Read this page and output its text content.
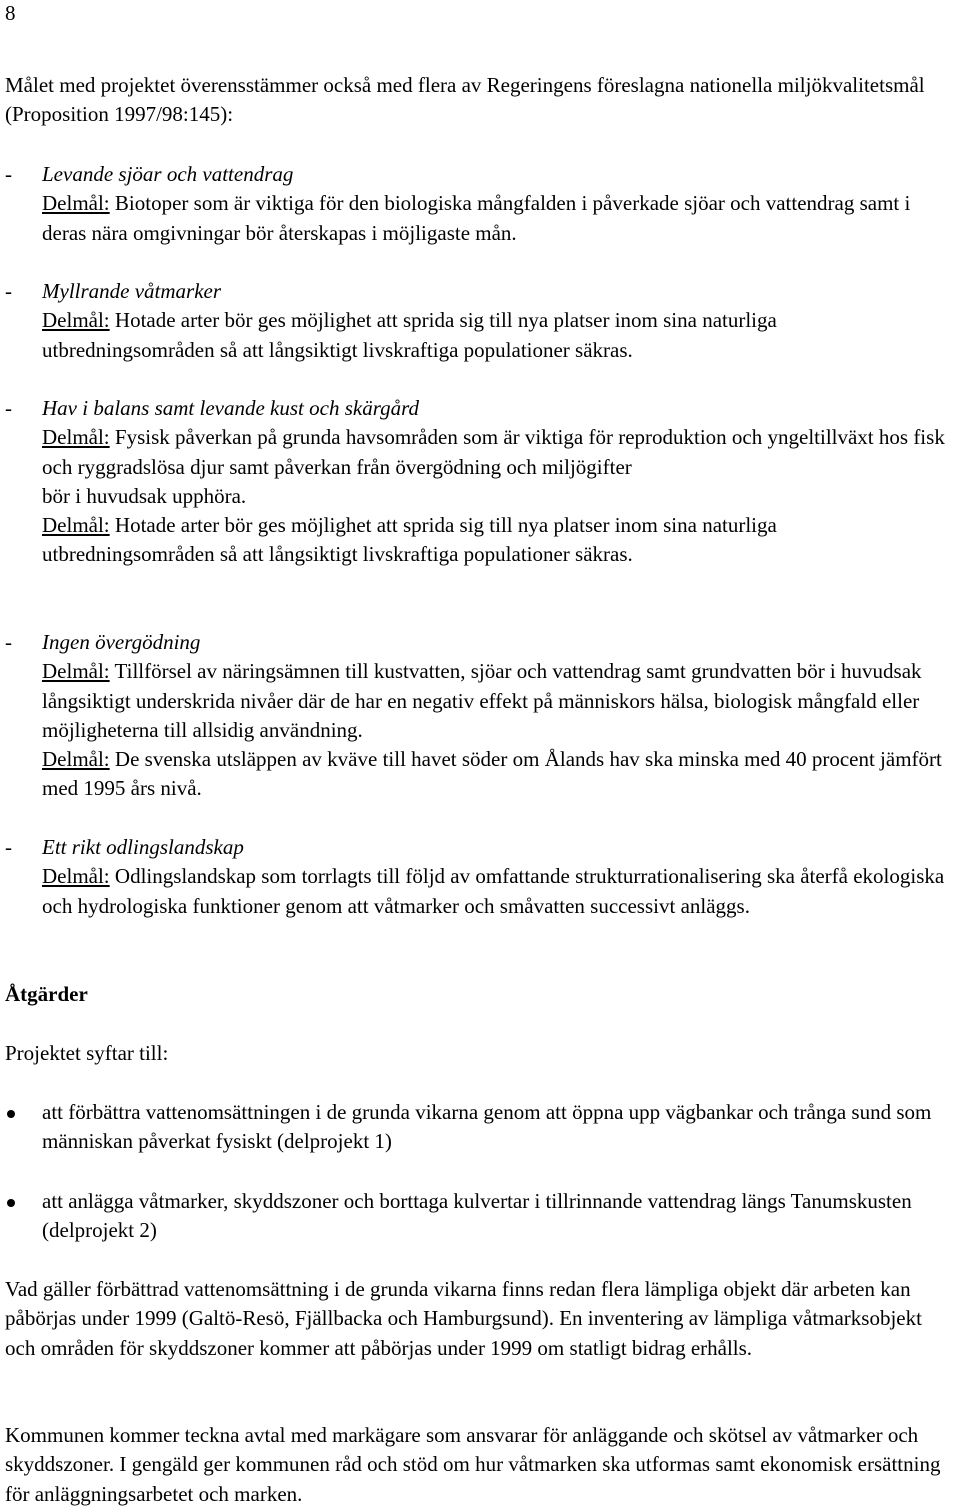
8

Målet med projektet överensstämmer också med flera av Regeringens föreslagna nationella miljökvalitetsmål (Proposition 1997/98:145):

- Levande sjöar och vattendrag
Delmål: Biotoper som är viktiga för den biologiska mångfalden i påverkade sjöar och vattendrag samt i deras nära omgivningar bör återskapas i möjligaste mån.
- Myllrande våtmarker
Delmål: Hotade arter bör ges möjlighet att sprida sig till nya platser inom sina naturliga utbredningsområden så att långsiktigt livskraftiga populationer säkras.
- Hav i balans samt levande kust och skärgård
Delmål: Fysisk påverkan på grunda havsområden som är viktiga för reproduktion och yngeltillväxt hos fisk och ryggradslösa djur samt påverkan från övergödning och miljögifter
bör i huvudsak upphöra.
Delmål: Hotade arter bör ges möjlighet att sprida sig till nya platser inom sina naturliga utbredningsområden så att långsiktigt livskraftiga populationer säkras.
- Ingen övergödning
Delmål: Tillförsel av näringsämnen till kustvatten, sjöar och vattendrag samt grundvatten bör i huvudsak långsiktigt underskrida nivåer där de har en negativ effekt på människors hälsa, biologisk mångfald eller möjligheterna till allsidig användning.
Delmål: De svenska utsläppen av kväve till havet söder om Ålands hav ska minska med 40 procent jämfört med 1995 års nivå.
- Ett rikt odlingslandskap
Delmål: Odlingslandskap som torrlagts till följd av omfattande strukturrationalisering ska återfå ekologiska och hydrologiska funktioner genom att våtmarker och småvatten successivt anläggs.
Åtgärder
Projektet syftar till:
att förbättra vattenomsättningen i de grunda vikarna genom att öppna upp vägbankar och trånga sund som människan påverkat fysiskt (delprojekt 1)
att anlägga våtmarker, skyddszoner och borttaga kulvertar i tillrinnande vattendrag längs Tanumskusten (delprojekt 2)

Vad gäller förbättrad vattenomsättning i de grunda vikarna finns redan flera lämpliga objekt där arbeten kan påbörjas under 1999 (Galtö-Resö, Fjällbacka och Hamburgsund). En inventering av lämpliga våtmarksobjekt och områden för skyddszoner kommer att påbörjas under 1999 om statligt bidrag erhålls.

Kommunen kommer teckna avtal med markägare som ansvarar för anläggande och skötsel av våtmarker och skyddszoner. I gengäld ger kommunen råd och stöd om hur våtmarken ska utformas samt ekonomisk ersättning för anläggningsarbetet och marken.
